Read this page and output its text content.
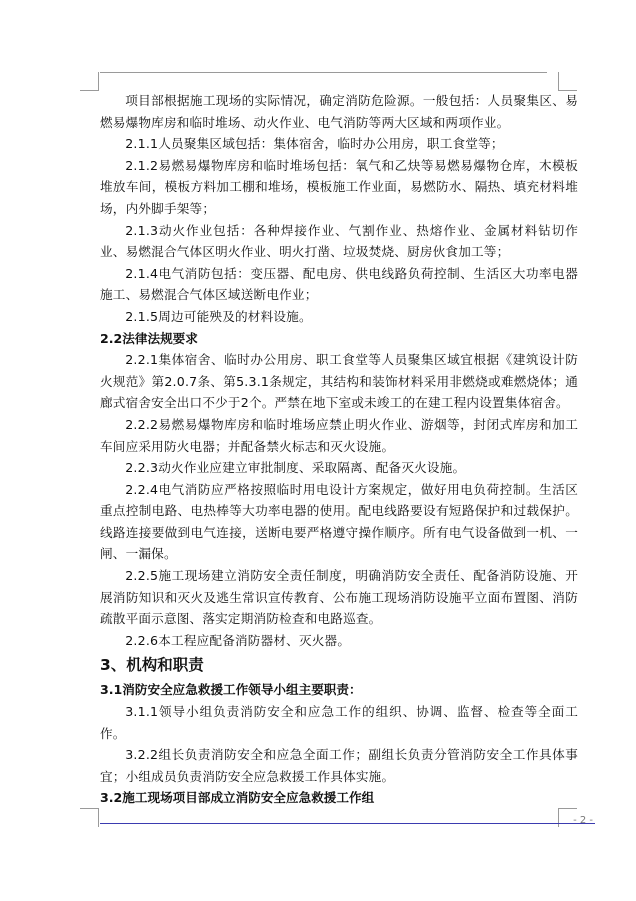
项目部根据施工现场的实际情况，确定消防危险源。一般包括：人员聚集区、易燃易爆物库房和临时堆场、动火作业、电气消防等两大区域和两项作业。

2.1.1人员聚集区域包括：集体宿舍，临时办公用房，职工食堂等；

2.1.2易燃易爆物库房和临时堆场包括：氧气和乙炔等易燃易爆物仓库，木模板堆放车间，模板方料加工棚和堆场，模板施工作业面，易燃防水、隔热、填充材料堆场，内外脚手架等；

2.1.3动火作业包括：各种焊接作业、气割作业、热熔作业、金属材料钻切作业、易燃混合气体区明火作业、明火打凿、垃圾焚烧、厨房伙食加工等；

2.1.4电气消防包括：变压器、配电房、供电线路负荷控制、生活区大功率电器施工、易燃混合气体区域送断电作业；

2.1.5周边可能殃及的材料设施。

2.2法律法规要求

2.2.1集体宿舍、临时办公用房、职工食堂等人员聚集区域宜根据《建筑设计防火规范》第2.0.7条、第5.3.1条规定，其结构和装饰材料采用非燃烧或难燃烧体；通廊式宿舍安全出口不少于2个。严禁在地下室或未竣工的在建工程内设置集体宿舍。

2.2.2易燃易爆物库房和临时堆场应禁止明火作业、游烟等，封闭式库房和加工车间应采用防火电器；并配备禁火标志和灭火设施。

2.2.3动火作业应建立审批制度、采取隔离、配备灭火设施。

2.2.4电气消防应严格按照临时用电设计方案规定，做好用电负荷控制。生活区重点控制电路、电热棒等大功率电器的使用。配电线路要设有短路保护和过载保护。线路连接要做到电气连接，送断电要严格遵守操作顺序。所有电气设备做到一机、一闸、一漏保。

2.2.5施工现场建立消防安全责任制度，明确消防安全责任、配备消防设施、开展消防知识和灭火及逃生常识宣传教育、公布施工现场消防设施平立面布置图、消防疏散平面示意图、落实定期消防检查和电路巡查。

2.2.6本工程应配备消防器材、灭火器。

3、机构和职责

3.1消防安全应急救援工作领导小组主要职责：

3.1.1领导小组负责消防安全和应急工作的组织、协调、监督、检查等全面工作。

3.2.2组长负责消防安全和应急全面工作；副组长负责分管消防安全工作具体事宜；小组成员负责消防安全应急救援工作具体实施。

3.2施工现场项目部成立消防安全应急救援工作组

- 2 -
